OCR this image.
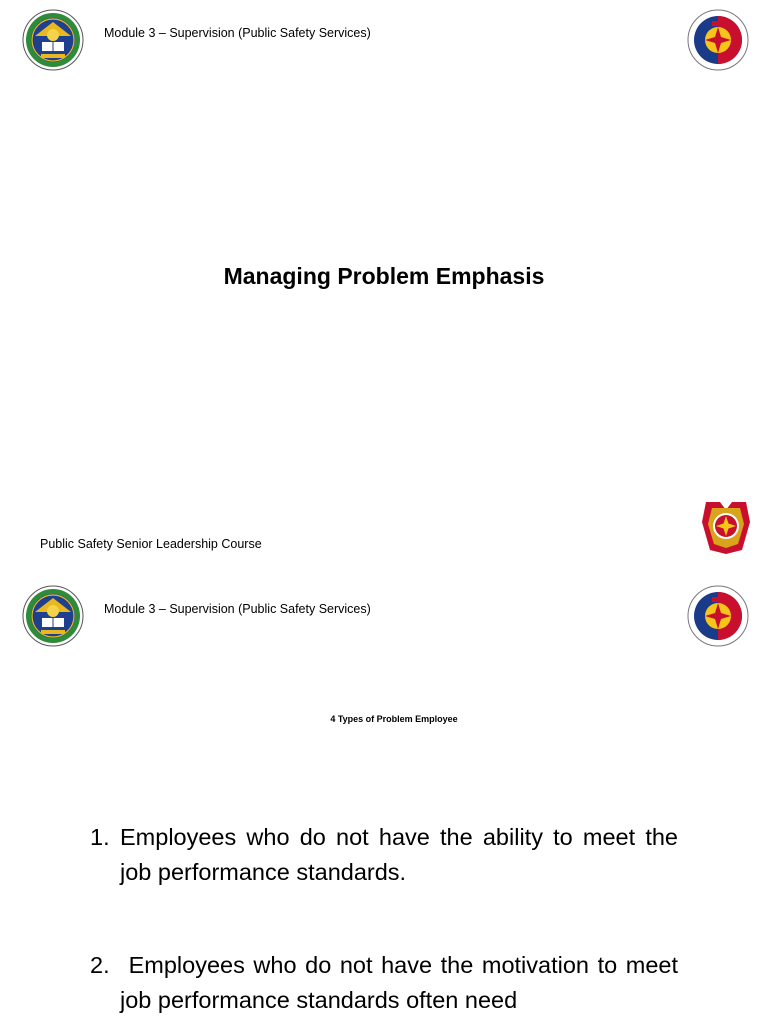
Module 3 – Supervision (Public Safety Services)
Managing Problem Emphasis
Public Safety Senior Leadership Course
Module 3 – Supervision (Public Safety Services)
4 Types of Problem Employee
1. Employees who do not have the ability to meet the job performance standards.
2. Employees who do not have the motivation to meet job performance standards often need
